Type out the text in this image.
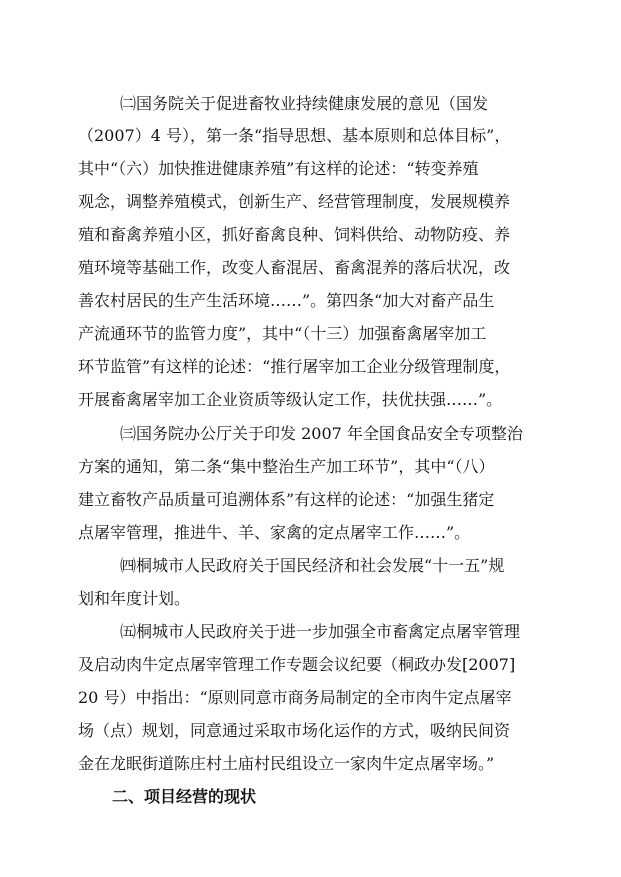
㈡国务院关于促进畜牧业持续健康发展的意见（国发
（2007）4 号），第一条“指导思想、基本原则和总体目标”，
其中“（六）加快推进健康养殖”有这样的论述：“转变养殖
观念，调整养殖模式，创新生产、经营管理制度，发展规模养
殖和畜禽养殖小区，抓好畜禽良种、饲料供给、动物防疫、养
殖环境等基础工作，改变人畜混居、畜禽混养的落后状况，改
善农村居民的生产生活环境……”。第四条“加大对畜产品生
产流通环节的监管力度”，其中“（十三）加强畜禽屠宰加工
环节监管”有这样的论述：“推行屠宰加工企业分级管理制度，
开展畜禽屠宰加工企业资质等级认定工作，扶优扶强……”。
㈢国务院办公厅关于印发 2007 年全国食品安全专项整治
方案的通知，第二条“集中整治生产加工环节”，其中“（八）
建立畜牧产品质量可追溯体系”有这样的论述：“加强生猪定
点屠宰管理，推进牛、羊、家禽的定点屠宰工作……”。
㈣桐城市人民政府关于国民经济和社会发展“十一五”规
划和年度计划。
㈤桐城市人民政府关于进一步加强全市畜禽定点屠宰管理
及启动肉牛定点屠宰管理工作专题会议纪要（桐政办发[2007]
20 号）中指出：“原则同意市商务局制定的全市肉牛定点屠宰
场（点）规划，同意通过采取市场化运作的方式，吸纳民间资
金在龙眠街道陈庄村土庙村民组设立一家肉牛定点屠宰场。”
二、项目经营的现状
